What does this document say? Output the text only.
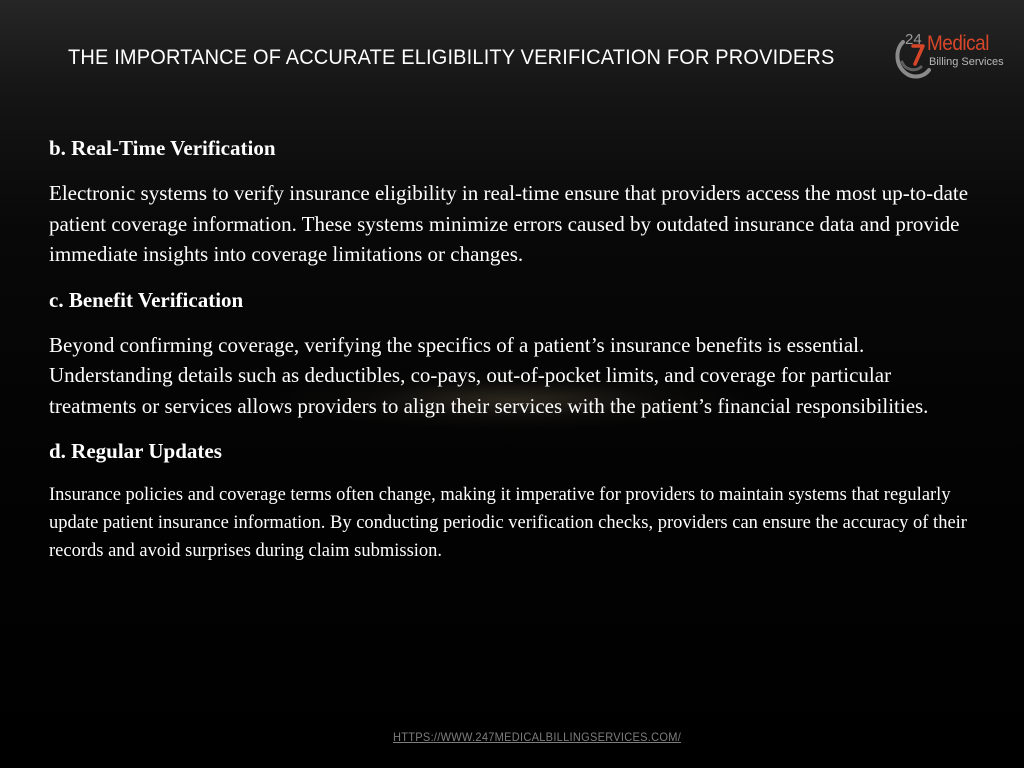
THE IMPORTANCE OF ACCURATE ELIGIBILITY VERIFICATION FOR PROVIDERS
24 Medical
Billing Services
b. Real-Time Verification
Electronic systems to verify insurance eligibility in real-time ensure that providers access the most up-to-date patient coverage information. These systems minimize errors caused by outdated insurance data and provide immediate insights into coverage limitations or changes.
c. Benefit Verification
Beyond confirming coverage, verifying the specifics of a patient’s insurance benefits is essential. Understanding details such as deductibles, co-pays, out-of-pocket limits, and coverage for particular treatments or services allows providers to align their services with the patient’s financial responsibilities.
d. Regular Updates
Insurance policies and coverage terms often change, making it imperative for providers to maintain systems that regularly update patient insurance information. By conducting periodic verification checks, providers can ensure the accuracy of their records and avoid surprises during claim submission.
HTTPS://WWW.247MEDICALBILLINGSERVICES.COM/
